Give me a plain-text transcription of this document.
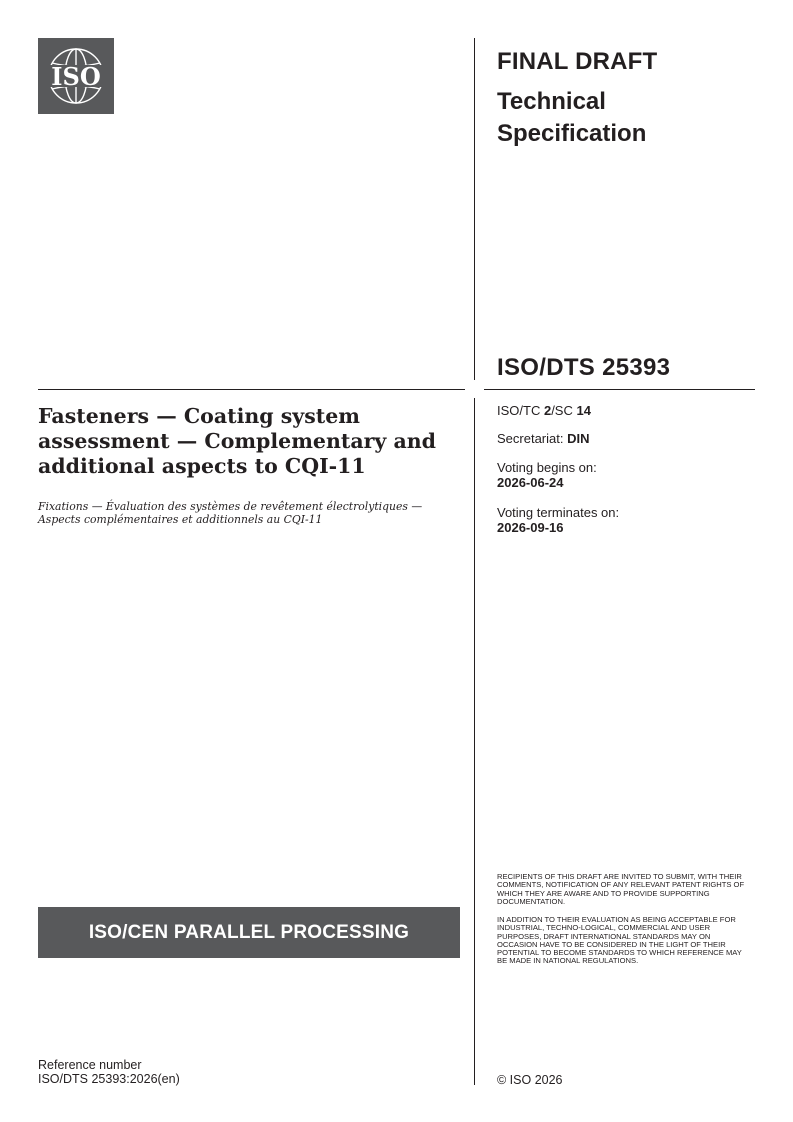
ISO
FINAL DRAFT
Technical Specification
ISO/DTS 25393
Fasteners — Coating system assessment — Complementary and additional aspects to CQI-11
Fixations — Évaluation des systèmes de revêtement électrolytiques — Aspects complémentaires et additionnels au CQI-11
ISO/TC 2/SC 14
Secretariat: DIN
Voting begins on:
2026-06-24
Voting terminates on:
2026-09-16
ISO/CEN PARALLEL PROCESSING
RECIPIENTS OF THIS DRAFT ARE INVITED TO SUBMIT, WITH THEIR COMMENTS, NOTIFICATION OF ANY RELEVANT PATENT RIGHTS OF WHICH THEY ARE AWARE AND TO PROVIDE SUPPORTING DOCUMENTATION.
IN ADDITION TO THEIR EVALUATION AS BEING ACCEPTABLE FOR INDUSTRIAL, TECHNO-LOGICAL, COMMERCIAL AND USER PURPOSES, DRAFT INTERNATIONAL STANDARDS MAY ON OCCASION HAVE TO BE CONSIDERED IN THE LIGHT OF THEIR POTENTIAL TO BECOME STANDARDS TO WHICH REFERENCE MAY BE MADE IN NATIONAL REGULATIONS.
Reference number
ISO/DTS 25393:2026(en)	© ISO 2026
